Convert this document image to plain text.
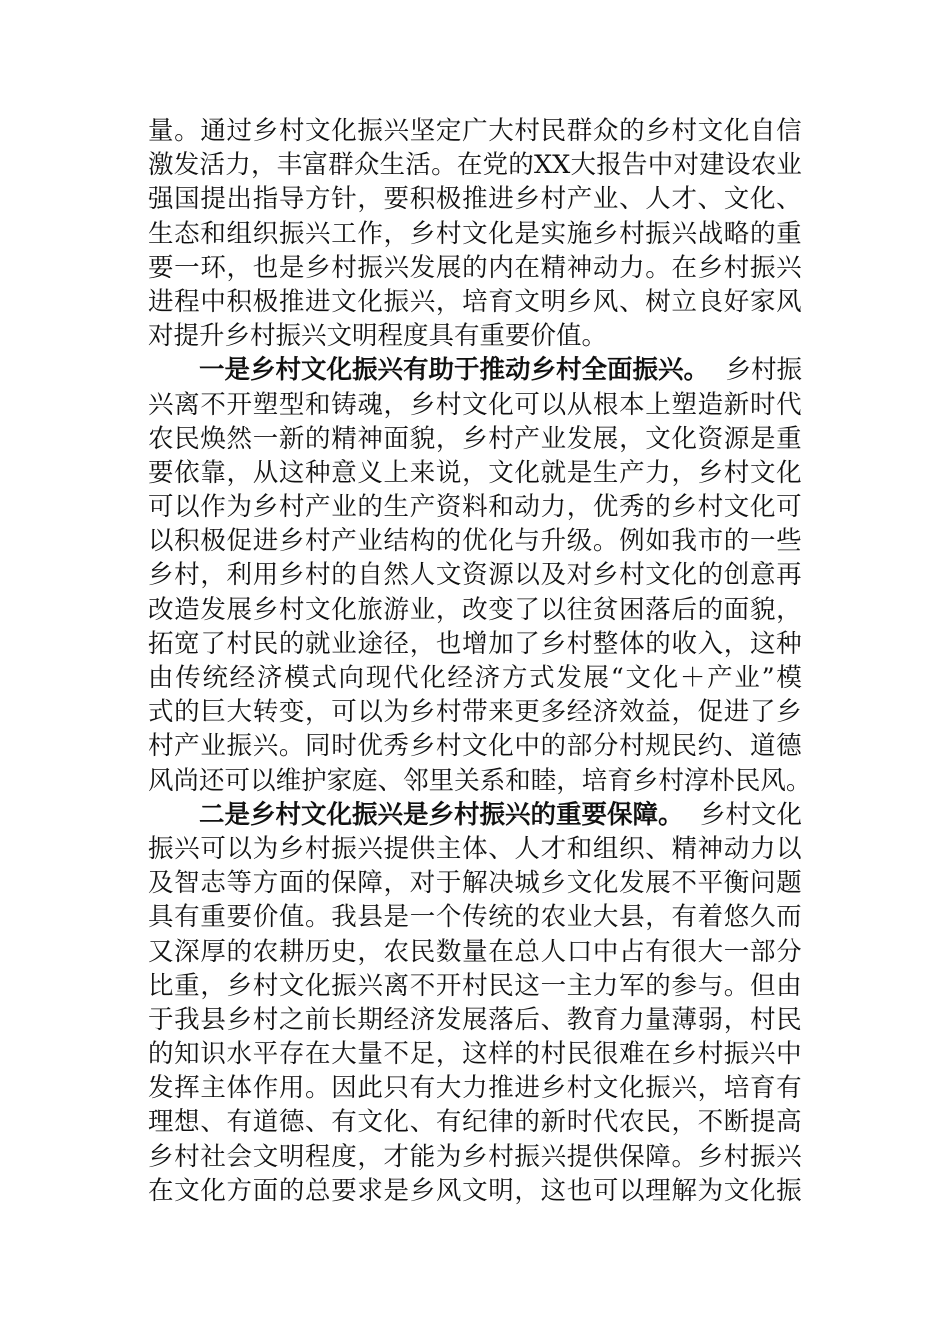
量 。 通 过 乡 村 文 化 振 兴 坚 定 广 大 村 民 群 众 的 乡 村 文 化 自 信
激 发 活 力 ， 丰 富 群 众 生 活 。 在 党 的 XX 大 报 告 中 对 建 设 农 业
强 国 提 出 指 导 方 针 ， 要 积 极 推 进 乡 村 产 业 、 人 才 、 文 化 、
生 态 和 组 织 振 兴 工 作 ， 乡 村 文 化 是 实 施 乡 村 振 兴 战 略 的 重
要 一 环 ， 也 是 乡 村 振 兴 发 展 的 内 在 精 神 动 力 。 在 乡 村 振 兴
进 程 中 积 极 推 进 文 化 振 兴 ， 培 育 文 明 乡 风 、 树 立 良 好 家 风
对提升乡村振兴文明程度具有重要价值。
一是乡村文化振兴有助于推动乡村全面振兴。 乡村振
兴 离 不 开 塑 型 和 铸 魂 ， 乡 村 文 化 可 以 从 根 本 上 塑 造 新 时 代
农 民 焕 然 一 新 的 精 神 面 貌 ， 乡 村 产 业 发 展 ， 文 化 资 源 是 重
要 依 靠 ， 从 这 种 意 义 上 来 说 ， 文 化 就 是 生 产 力 ， 乡 村 文 化
可 以 作 为 乡 村 产 业 的 生 产 资 料 和 动 力 ， 优 秀 的 乡 村 文 化 可
以 积 极 促 进 乡 村 产 业 结 构 的 优 化 与 升 级 。 例 如 我 市 的 一 些
乡 村 ， 利 用 乡 村 的 自 然 人 文 资 源 以 及 对 乡 村 文 化 的 创 意 再
改 造 发 展 乡 村 文 化 旅 游 业 ， 改 变 了 以 往 贫 困 落 后 的 面 貌 ，
拓 宽 了 村 民 的 就 业 途 径 ， 也 增 加 了 乡 村 整 体 的 收 入 ， 这 种
由 传 统 经 济 模 式 向 现 代 化 经 济 方 式 发 展 “ 文 化 ＋ 产 业 ” 模
式 的 巨 大 转 变 ， 可 以 为 乡 村 带 来 更 多 经 济 效 益 ， 促 进 了 乡
村 产 业 振 兴 。 同 时 优 秀 乡 村 文 化 中 的 部 分 村 规 民 约 、 道 德
风 尚 还 可 以 维 护 家 庭 、 邻 里 关 系 和 睦 ， 培 育 乡 村 淳 朴 民 风 。
二是乡村文化振兴是乡村振兴的重要保障。 乡村文化
振 兴 可 以 为 乡 村 振 兴 提 供 主 体 、 人 才 和 组 织 、 精 神 动 力 以
及 智 志 等 方 面 的 保 障 ， 对 于 解 决 城 乡 文 化 发 展 不 平 衡 问 题
具 有 重 要 价 值 。 我 县 是 一 个 传 统 的 农 业 大 县 ， 有 着 悠 久 而
又 深 厚 的 农 耕 历 史 ， 农 民 数 量 在 总 人 口 中 占 有 很 大 一 部 分
比 重 ， 乡 村 文 化 振 兴 离 不 开 村 民 这 一 主 力 军 的 参 与 。 但 由
于 我 县 乡 村 之 前 长 期 经 济 发 展 落 后 、 教 育 力 量 薄 弱 ， 村 民
的 知 识 水 平 存 在 大 量 不 足 ， 这 样 的 村 民 很 难 在 乡 村 振 兴 中
发 挥 主 体 作 用 。 因 此 只 有 大 力 推 进 乡 村 文 化 振 兴 ， 培 育 有
理 想 、 有 道 德 、 有 文 化 、 有 纪 律 的 新 时 代 农 民 ， 不 断 提 高
乡 村 社 会 文 明 程 度 ， 才 能 为 乡 村 振 兴 提 供 保 障 。 乡 村 振 兴
在 文 化 方 面 的 总 要 求 是 乡 风 文 明 ， 这 也 可 以 理 解 为 文 化 振
